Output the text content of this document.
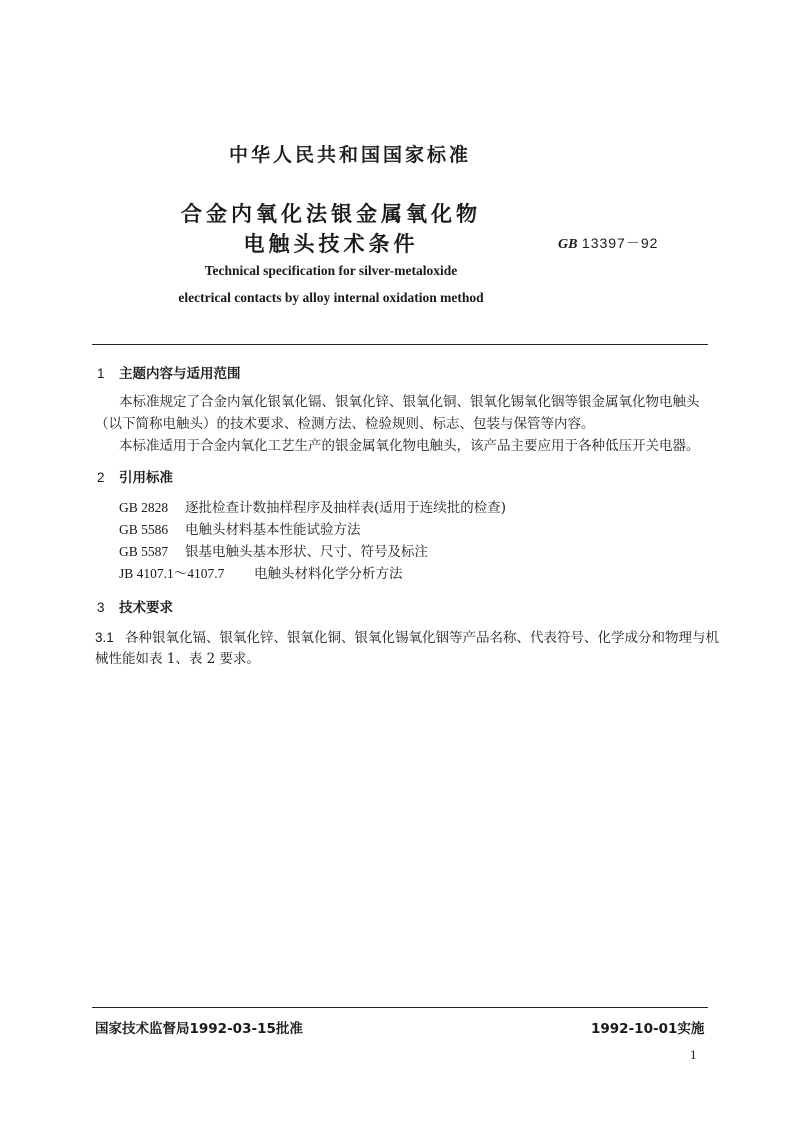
中华人民共和国国家标准
合金内氧化法银金属氧化物
电触头技术条件	GB 13397－92
Technical specification for silver-metaloxide
electrical contacts by alloy internal oxidation method
1 主题内容与适用范围
本标准规定了合金内氧化银氧化镉、银氧化锌、银氧化铜、银氧化锡氧化铟等银金属氧化物电触头
（以下简称电触头）的技术要求、检测方法、检验规则、标志、包装与保管等内容。
本标准适用于合金内氧化工艺生产的银金属氧化物电触头，该产品主要应用于各种低压开关电器。
2 引用标准
GB 2828 逐批检查计数抽样程序及抽样表(适用于连续批的检查)
GB 5586 电触头材料基本性能试验方法
GB 5587 银基电触头基本形状、尺寸、符号及标注
JB 4107.1～4107.7 电触头材料化学分析方法
3 技术要求
3.1 各种银氧化镉、银氧化锌、银氧化铜、银氧化锡氧化铟等产品名称、代表符号、化学成分和物理与机
械性能如表 1、表 2 要求。
国家技术监督局1992-03-15批准	1992-10-01实施
1
